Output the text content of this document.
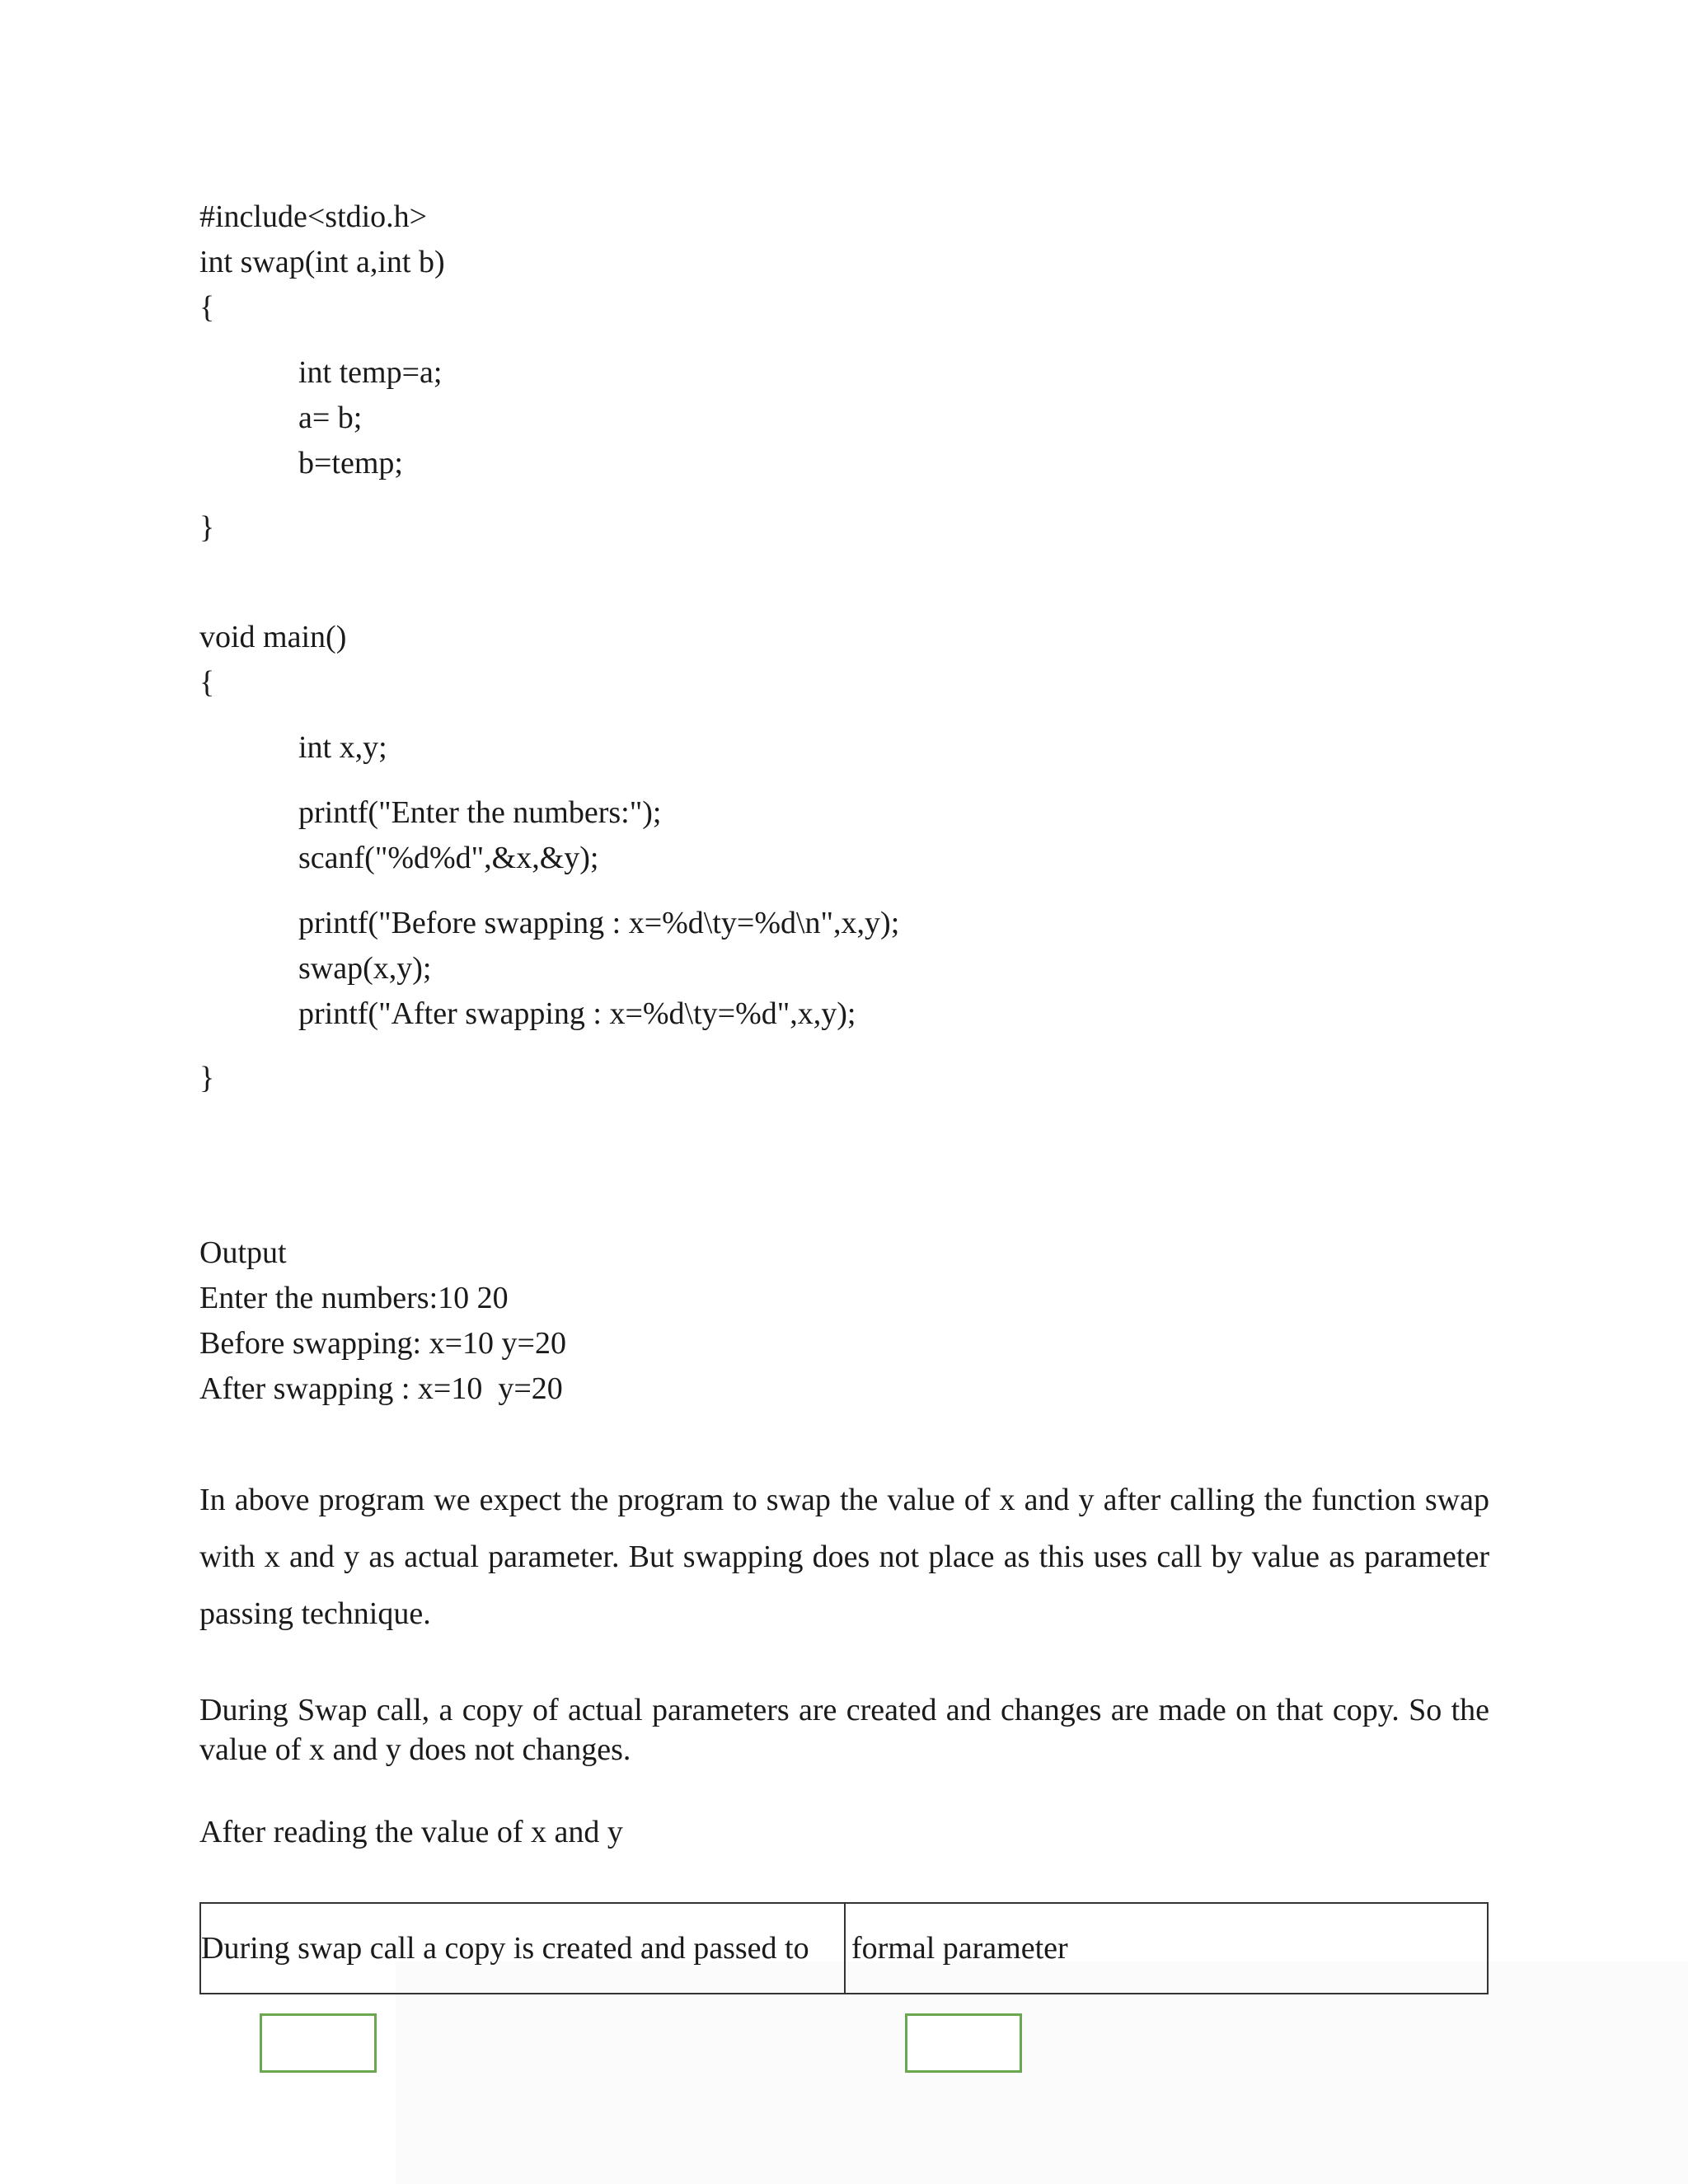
#include<stdio.h>
int swap(int a,int b)
{
int temp=a;
a= b;
b=temp;
}
void main()
{
int x,y;
printf("Enter the numbers:");
scanf("%d%d",&x,&y);
printf("Before swapping : x=%d\ty=%d\n",x,y);
swap(x,y);
printf("After swapping : x=%d\ty=%d",x,y);
}
Output
Enter the numbers:10 20
Before swapping: x=10 y=20
After swapping : x=10  y=20
In above program we expect the program to swap the value of x and y after calling the function swap with x and y as actual parameter. But swapping does not place as this uses call by value as parameter passing technique.
During Swap call, a copy of actual parameters are created and changes are made on that copy. So the value of x and y does not changes.
After reading the value of x and y
During swap call a copy is created and passed to formal parameter
